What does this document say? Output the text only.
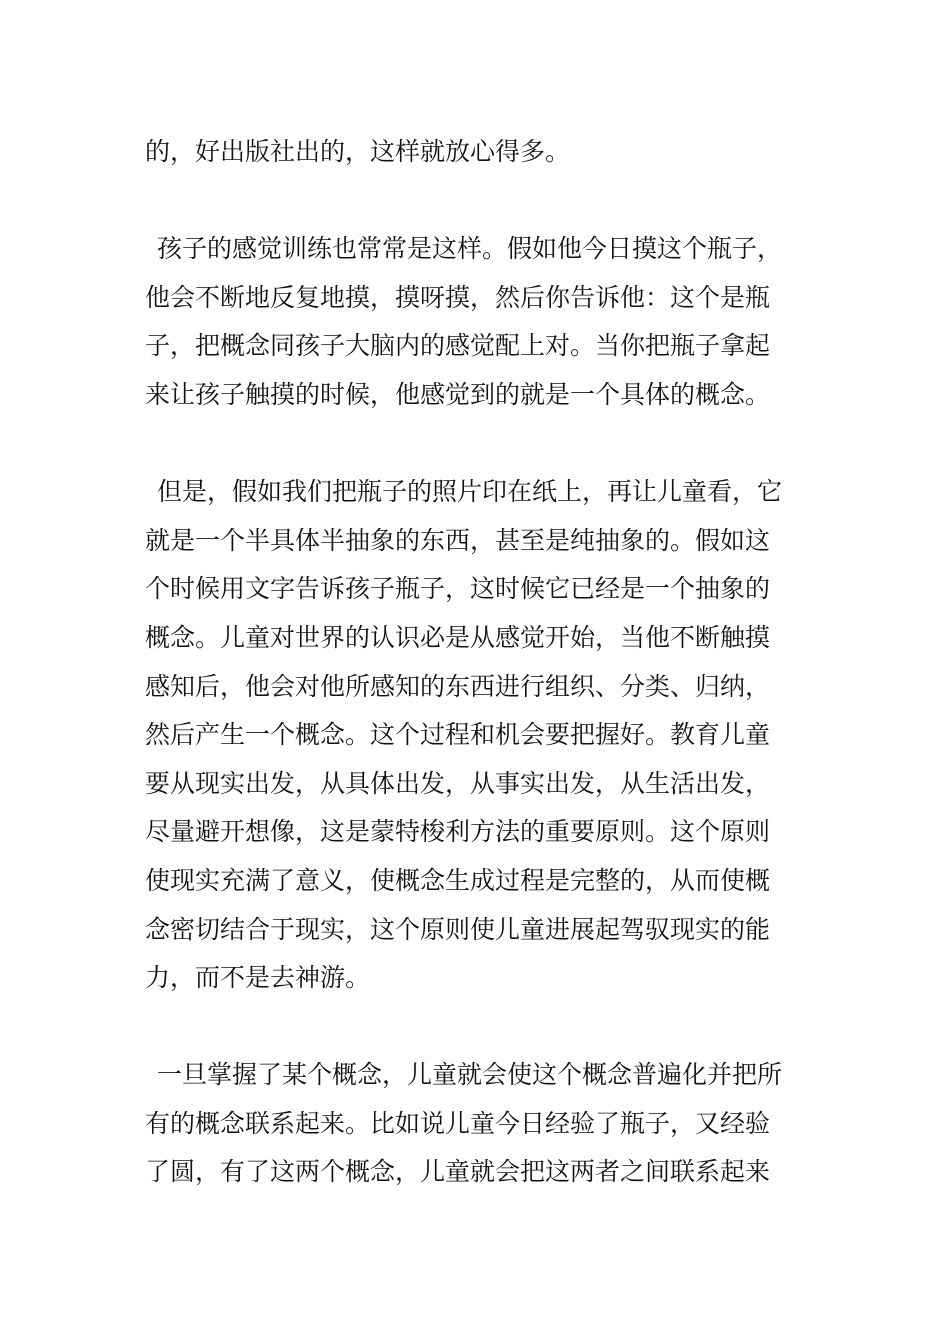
的，好出版社出的，这样就放心得多。
孩子的感觉训练也常常是这样。假如他今日摸这个瓶子，
他会不断地反复地摸，摸呀摸，然后你告诉他：这个是瓶
子，把概念同孩子大脑内的感觉配上对。当你把瓶子拿起
来让孩子触摸的时候，他感觉到的就是一个具体的概念。
但是，假如我们把瓶子的照片印在纸上，再让儿童看，它
就是一个半具体半抽象的东西，甚至是纯抽象的。假如这
个时候用文字告诉孩子瓶子，这时候它已经是一个抽象的
概念。儿童对世界的认识必是从感觉开始，当他不断触摸
感知后，他会对他所感知的东西进行组织、分类、归纳，
然后产生一个概念。这个过程和机会要把握好。教育儿童
要从现实出发，从具体出发，从事实出发，从生活出发，
尽量避开想像，这是蒙特梭利方法的重要原则。这个原则
使现实充满了意义，使概念生成过程是完整的，从而使概
念密切结合于现实，这个原则使儿童进展起驾驭现实的能
力，而不是去神游。
一旦掌握了某个概念，儿童就会使这个概念普遍化并把所
有的概念联系起来。比如说儿童今日经验了瓶子，又经验
了圆，有了这两个概念，儿童就会把这两者之间联系起来
